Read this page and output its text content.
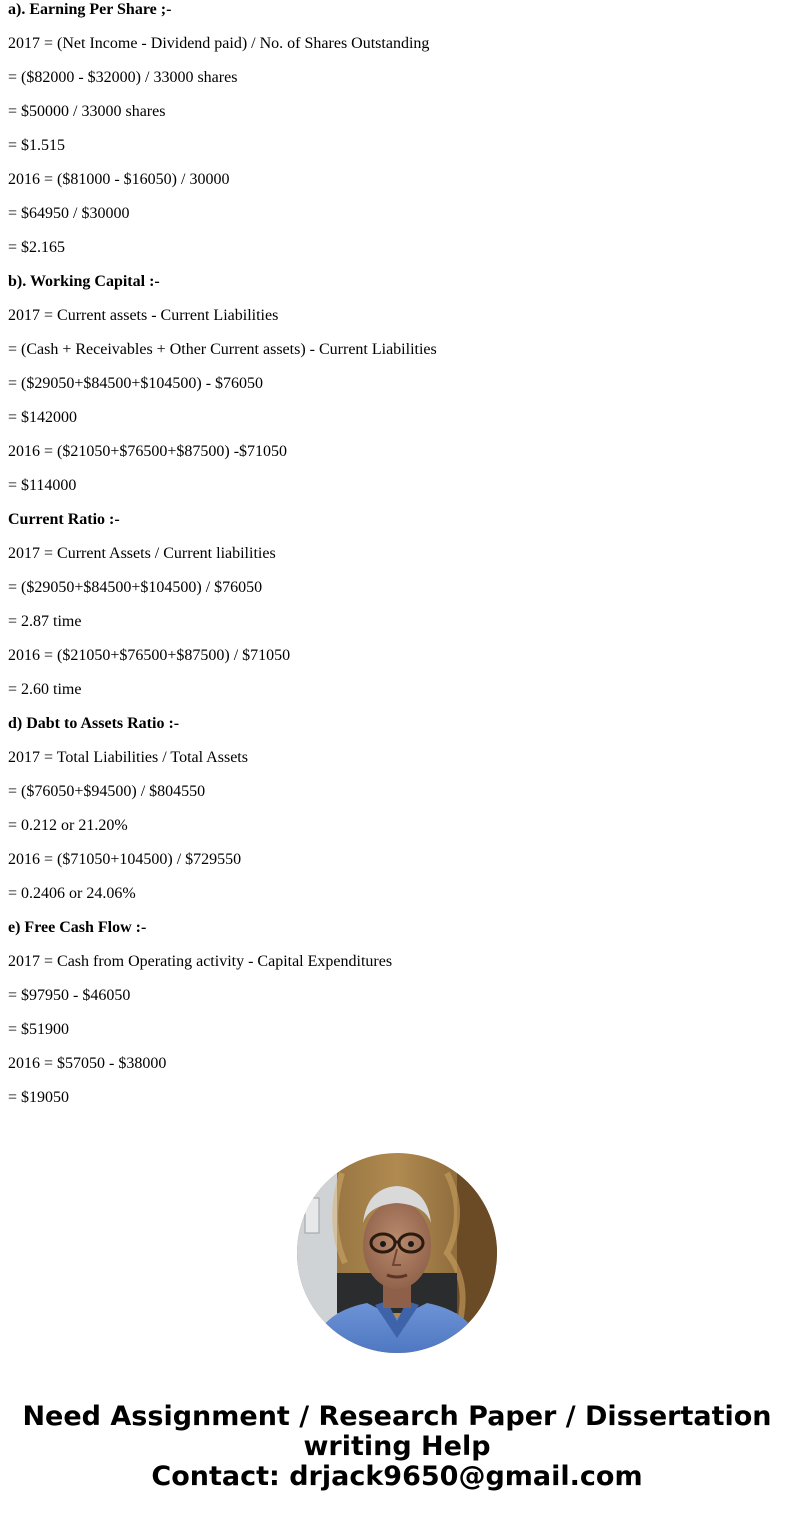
a). Earning Per Share ;-
2017 = (Net Income - Dividend paid) / No. of Shares Outstanding
= ($82000 - $32000) / 33000 shares
= $50000 / 33000 shares
= $1.515
2016 = ($81000 - $16050) / 30000
= $64950 / $30000
= $2.165
b). Working Capital :-
2017 = Current assets - Current Liabilities
= (Cash + Receivables + Other Current assets) - Current Liabilities
= ($29050+$84500+$104500) - $76050
= $142000
2016 = ($21050+$76500+$87500) -$71050
= $114000
Current Ratio :-
2017 = Current Assets / Current liabilities
= ($29050+$84500+$104500) / $76050
= 2.87 time
2016 = ($21050+$76500+$87500) / $71050
= 2.60 time
d) Dabt to Assets Ratio :-
2017 = Total Liabilities / Total Assets
= ($76050+$94500) / $804550
= 0.212 or 21.20%
2016 = ($71050+104500) / $729550
= 0.2406 or 24.06%
e) Free Cash Flow :-
2017 = Cash from Operating activity - Capital Expenditures
= $97950 - $46050
= $51900
2016 = $57050 - $38000
= $19050
Need Assignment / Research Paper / Dissertation
writing Help
Contact: drjack9650@gmail.com
